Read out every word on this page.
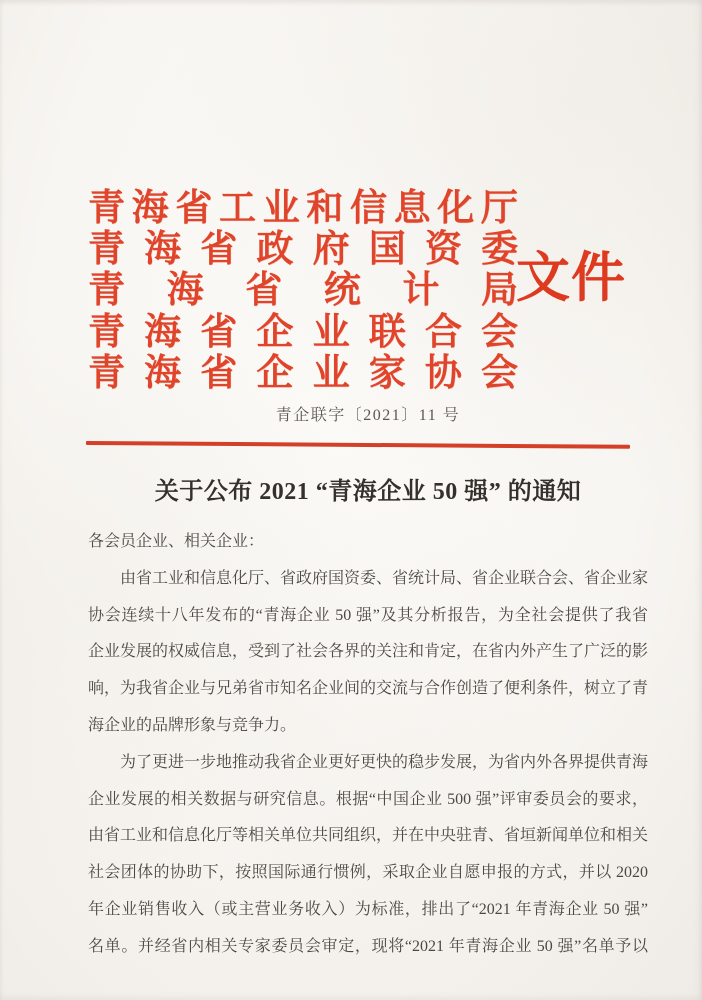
青 海 省 工 业 和 信 息 化 厅
青 海 省 政 府 国 资 委
青 海 省 统 计 局
青 海 省 企 业 联 合 会
青 海 省 企 业 家 协 会
文件
青企联字〔2021〕11 号
关于公布 2021 “青海企业 50 强” 的通知
各会员企业、相关企业：
由省工业和信息化厅、省政府国资委、省统计局、省企业联合会、省企业家
协会连续十八年发布的“青海企业 50 强”及其分析报告，为全社会提供了我省
企业发展的权威信息，受到了社会各界的关注和肯定，在省内外产生了广泛的影
响，为我省企业与兄弟省市知名企业间的交流与合作创造了便利条件，树立了青
海企业的品牌形象与竞争力。
为了更进一步地推动我省企业更好更快的稳步发展，为省内外各界提供青海
企业发展的相关数据与研究信息。根据“中国企业 500 强”评审委员会的要求，
由省工业和信息化厅等相关单位共同组织，并在中央驻青、省垣新闻单位和相关
社会团体的协助下，按照国际通行惯例，采取企业自愿申报的方式，并以 2020
年企业销售收入（或主营业务收入）为标准，排出了“2021 年青海企业 50 强”
名单。并经省内相关专家委员会审定，现将“2021 年青海企业 50 强”名单予以
